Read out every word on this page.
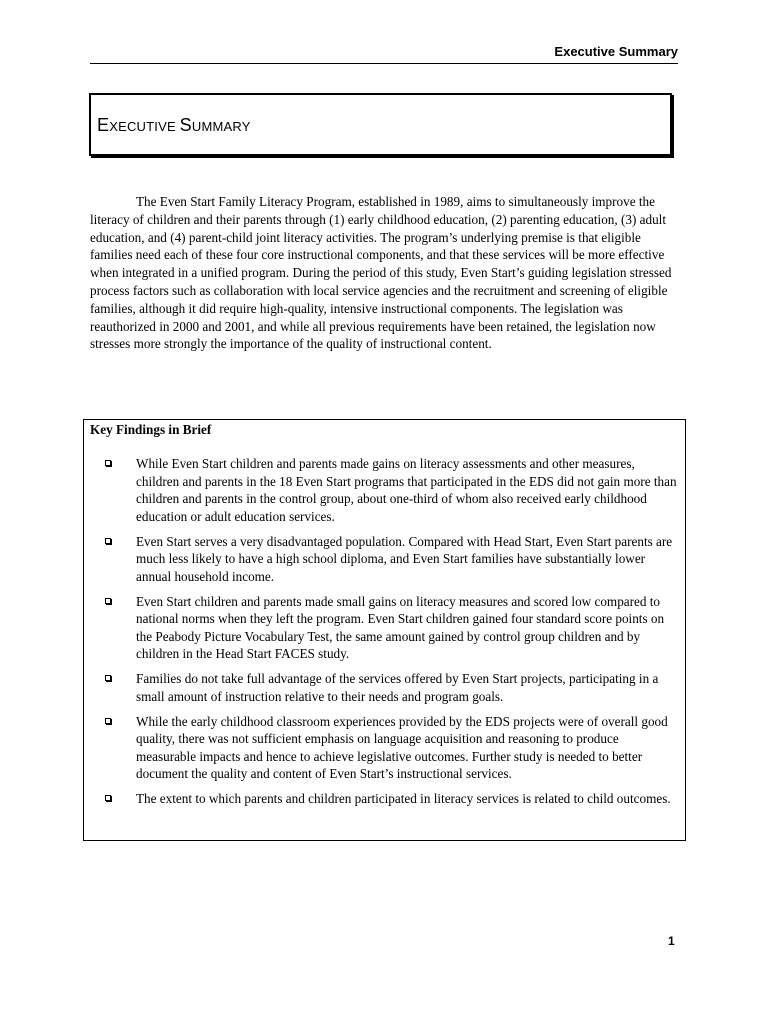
Executive Summary
EXECUTIVE SUMMARY

The Even Start Family Literacy Program, established in 1989, aims to simultaneously improve the literacy of children and their parents through (1) early childhood education, (2) parenting education, (3) adult education, and (4) parent-child joint literacy activities. The program’s underlying premise is that eligible families need each of these four core instructional components, and that these services will be more effective when integrated in a unified program. During the period of this study, Even Start’s guiding legislation stressed process factors such as collaboration with local service agencies and the recruitment and screening of eligible families, although it did require high-quality, intensive instructional components. The legislation was reauthorized in 2000 and 2001, and while all previous requirements have been retained, the legislation now stresses more strongly the importance of the quality of instructional content.

Key Findings in Brief
While Even Start children and parents made gains on literacy assessments and other measures, children and parents in the 18 Even Start programs that participated in the EDS did not gain more than children and parents in the control group, about one-third of whom also received early childhood education or adult education services.
Even Start serves a very disadvantaged population. Compared with Head Start, Even Start parents are much less likely to have a high school diploma, and Even Start families have substantially lower annual household income.
Even Start children and parents made small gains on literacy measures and scored low compared to national norms when they left the program. Even Start children gained four standard score points on the Peabody Picture Vocabulary Test, the same amount gained by control group children and by children in the Head Start FACES study.
Families do not take full advantage of the services offered by Even Start projects, participating in a small amount of instruction relative to their needs and program goals.
While the early childhood classroom experiences provided by the EDS projects were of overall good quality, there was not sufficient emphasis on language acquisition and reasoning to produce measurable impacts and hence to achieve legislative outcomes. Further study is needed to better document the quality and content of Even Start’s instructional services.
The extent to which parents and children participated in literacy services is related to child outcomes.
1
